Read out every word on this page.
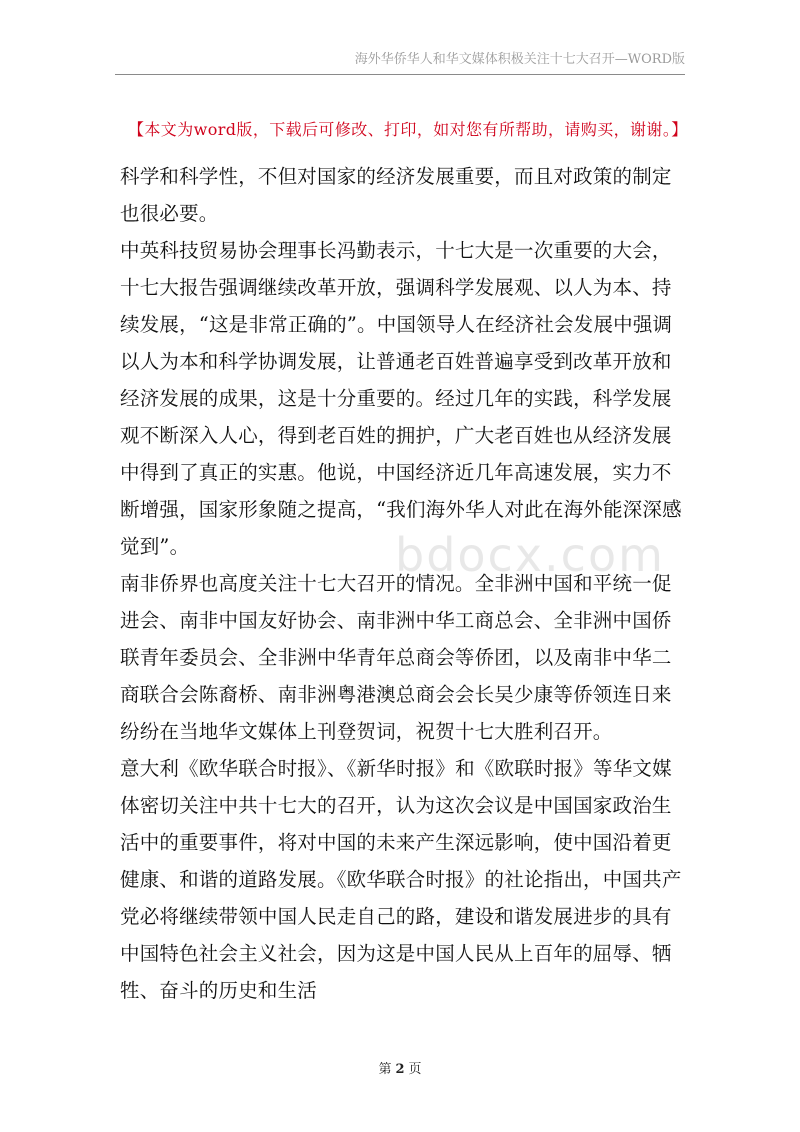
海外华侨华人和华文媒体积极关注十七大召开—WORD版
【本文为word版，下载后可修改、打印，如对您有所帮助，请购买，谢谢。】

科学和科学性，不但对国家的经济发展重要，而且对政策的制定也很必要。

中英科技贸易协会理事长冯勤表示，十七大是一次重要的大会，十七大报告强调继续改革开放，强调科学发展观、以人为本、持续发展，“这是非常正确的”。中国领导人在经济社会发展中强调以人为本和科学协调发展，让普通老百姓普遍享受到改革开放和经济发展的成果，这是十分重要的。经过几年的实践，科学发展观不断深入人心，得到老百姓的拥护，广大老百姓也从经济发展中得到了真正的实惠。他说，中国经济近几年高速发展，实力不断增强，国家形象随之提高，“我们海外华人对此在海外能深深感觉到”。

南非侨界也高度关注十七大召开的情况。全非洲中国和平统一促进会、南非中国友好协会、南非洲中华工商总会、全非洲中国侨联青年委员会、全非洲中华青年总商会等侨团，以及南非中华二商联合会陈裔桥、南非洲粤港澳总商会会长吴少康等侨领连日来纷纷在当地华文媒体上刊登贺词，祝贺十七大胜利召开。

意大利《欧华联合时报》、《新华时报》和《欧联时报》等华文媒体密切关注中共十七大的召开，认为这次会议是中国国家政治生活中的重要事件，将对中国的未来产生深远影响，使中国沿着更健康、和谐的道路发展。《欧华联合时报》的社论指出，中国共产党必将继续带领中国人民走自己的路，建设和谐发展进步的具有中国特色社会主义社会，因为这是中国人民从上百年的屈辱、牺牲、奋斗的历史和生活

bdocx.com
第 2 页
